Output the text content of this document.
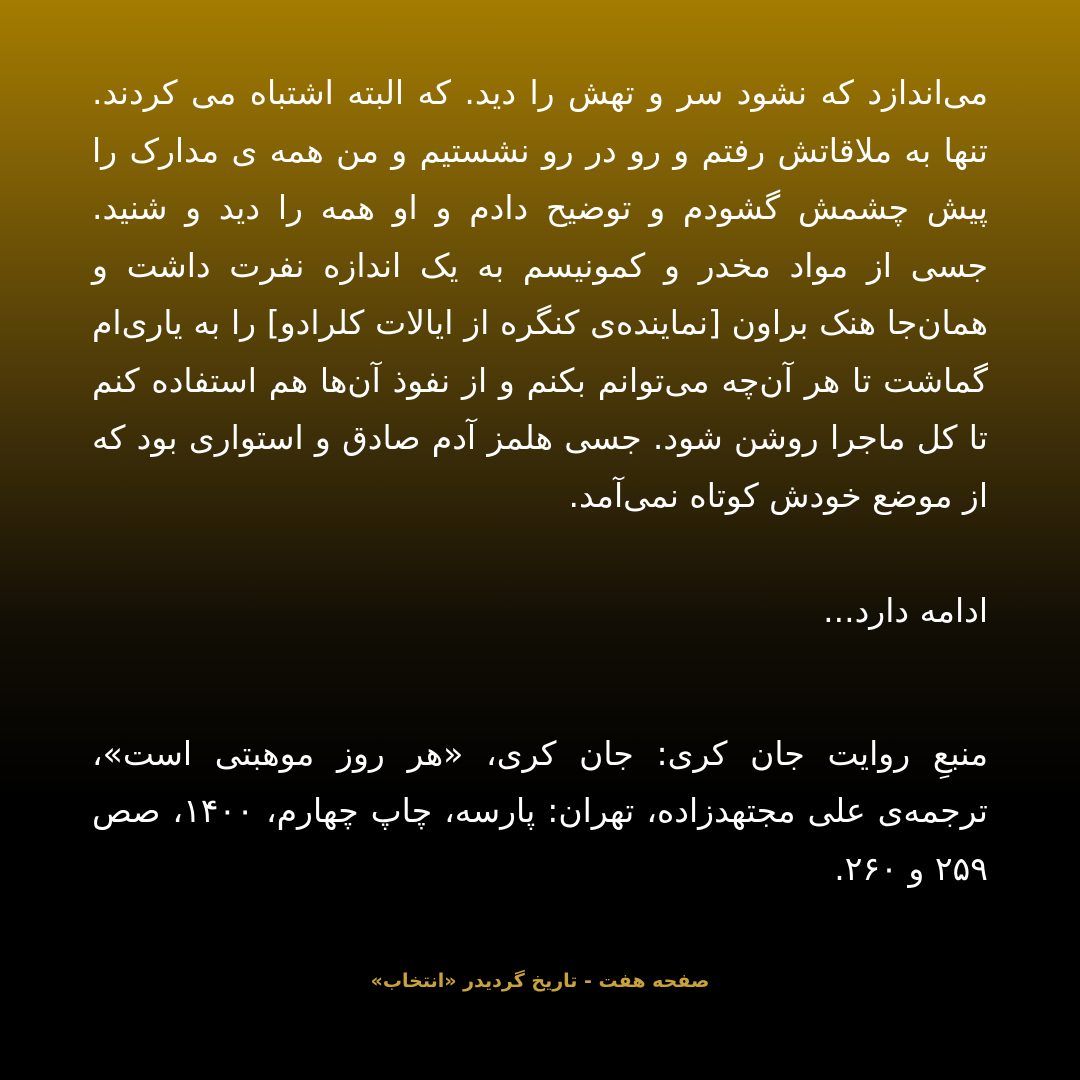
می‌اندازد که نشود سر و تهش را دید. که البته اشتباه می کردند. تنها به ملاقاتش رفتم و رو در رو نشستیم و من همه ی مدارک را پیش چشمش گشودم و توضیح دادم و او همه را دید و شنید. جسی از مواد مخدر و کمونیسم به یک اندازه نفرت داشت و همان‌جا هنک براون [نماینده‌ی کنگره از ایالات کلرادو] را به یاری‌ام گماشت تا هر آن‌چه می‌توانم بکنم و از نفوذ آن‌ها هم استفاده کنم تا کل ماجرا روشن شود. جسی هلمز آدم صادق و استواری بود که از موضع خودش کوتاه نمی‌آمد.

ادامه دارد...

منبعِ روایت جان کری: جان کری، «هر روز موهبتی است»، ترجمه‌ی علی مجتهدزاده، تهران: پارسه، چاپ چهارم، ۱۴۰۰، صص ۲۵۹ و ۲۶۰.

صفحه هفت - تاریخ گردیدر «انتخاب»
